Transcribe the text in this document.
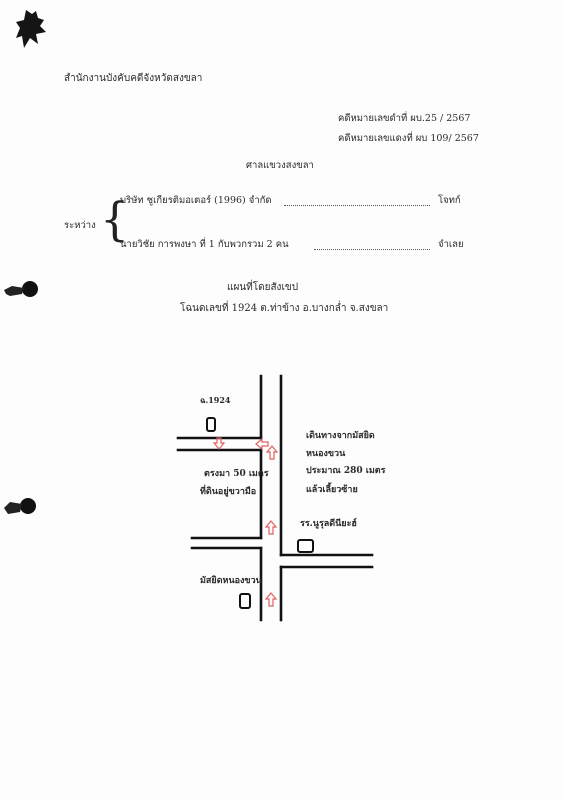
สำนักงานบังคับคดีจังหวัดสงขลา
คดีหมายเลขดำที่ ผบ.25 / 2567
คดีหมายเลขแดงที่ ผบ 109/ 2567
ศาลแขวงสงขลา
ระหว่าง {
บริษัท ชูเกียรติมอเตอร์ (1996) จำกัด	โจทก์
นายวิชัย การพงษา ที่ 1 กับพวกรวม 2 คน	จำเลย
แผนที่โดยสังเขป
โฉนดเลขที่ 1924 ต.ท่าข้าง อ.บางกล่ำ จ.สงขลา
ฉ.1924
ตรงมา 50 เมตร
ที่ดินอยู่ขวามือ
เดินทางจากมัสยิด
หนองขวน
ประมาณ 280 เมตร
แล้วเลี้ยวซ้าย
รร.นูรุลดีนียะฮ์
มัสยิดหนองขวน
